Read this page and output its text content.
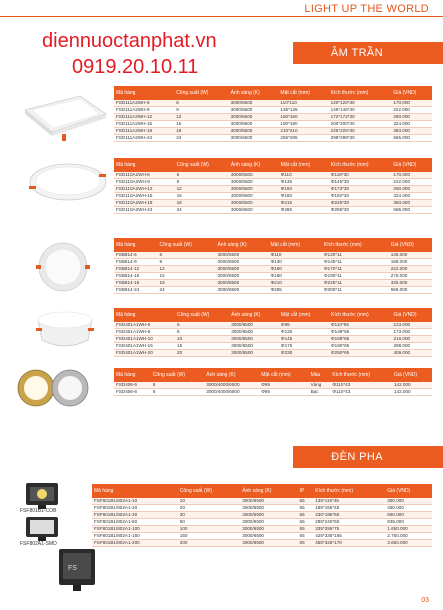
LIGHT UP THE WORLD
diennuoctanphat.vn
0919.20.10.11
ÂM TRẦN
ĐÈN PHA
FSF801B1-COB
FSF802A1-SMD
FS
Mã hàng	Công suất (W)	Ánh sáng (K)	Mặt cắt (mm)	Kích thước (mm)	Giá (VND)
FSD111A2WH-6	6	3000/6500	110*110	120*120*30	170.000
FSD111A2WH-9	9	3000/6500	135*135	146*146*30	222.000
FSD111A2WH-12	12	3000/6500	160*160	172*172*30	260.000
FSD111A2WH-15	15	3000/6500	190*190	200*200*30	324.000
FSD111A2WH-18	18	3000/6500	210*210	225*225*30	383.000
FSD111A2WH-24	24	3000/6500	265*285	298*299*30	665.000
Mã hàng	Công suất (W)	Ánh sáng (K)	Mặt cắt (mm)	Kích thước (mm)	Giá (VND)
FSD110A2WH-6	6	3000/6500	Φ110	Φ119*30	170.000
FSD110A2WH-9	9	3000/6500	Φ135	Φ145*30	222.000
FSD110A2WH-12	12	3000/6500	Φ160	Φ173*30	260.000
FSD110A2WH-15	15	3000/6500	Φ180	Φ192*30	324.000
FSD110A2WH-18	18	3000/6500	Φ215	Φ225*30	383.000
FSD110A2WH-24	24	3000/6500	Φ285	Φ295*30	665.000
Mã hàng	Công suất (W)	Ánh sáng (K)	Mặt cắt (mm)	Kích thước (mm)	Giá (VND)
FSB814-6	6	3000/6500	Φ110	Φ120*11	145.000
FSB814-9	9	3000/6500	Φ130	Φ145*11	188.000
FSB814-12	12	3000/6500	Φ160	Φ170*11	222.000
FSB814-15	15	3000/6500	Φ180	Φ190*11	275.000
FSB814-18	18	3000/6500	Φ210	Φ225*11	325.000
FSB814-24	24	3000/6500	Φ285	Φ300*11	565.000
Mã hàng	Công suất (W)	Ánh sáng (K)	Mặt cắt (mm)	Kích thước (mm)	Giá (VND)
FSD401A1WH-6	6	3000/6500	Φ95	Φ110*65	123.000
FSD401A1WH-8	8	3000/6500	Φ130	Φ148*65	173.000
FSD401A1WH-10	10	3000/6500	Φ145	Φ168*65	210.000
FSD401A1WH-15	15	3000/6500	Φ175	Φ190*65	298.000
FSD401A1WH-20	20	3000/6500	Φ230	Φ250*65	409.000
Mã hàng	Công suất (W)	Ánh sáng (K)	Mặt cắt (mm)	Màu	Kích thước (mm)	Giá (VND)
FSD406-6	6	3000/4000/6500	Φ95	Vàng	Φ110*43	142.000
FSD406-6	6	3000/4000/6500	Φ95	Bạc	Φ110*43	142.000
Mã hàng	Công suất (W)	Ánh sáng (K)	IP	Kích thước (mm)	Giá (VND)
FSF801B1/802A1-10	10	3000/6500	65	135*115*35	350.000
FSF801B1/802A1-20	20	3000/6500	65	185*155*45	490.000
FSF801B1/802A1-30	30	3000/6500	65	230*195*50	660.000
FSF801B1/802A1-50	50	3000/6500	65	285*240*60	935.000
FSF801B1/802A1-100	100	3000/6500	65	335*295*75	1.650.000
FSF801B1/802A1-150	150	3000/6500	65	425*335*165	2.750.000
FSF801B1/802A1-200	200	3000/6500	65	455*325*170	3.650.000
03
